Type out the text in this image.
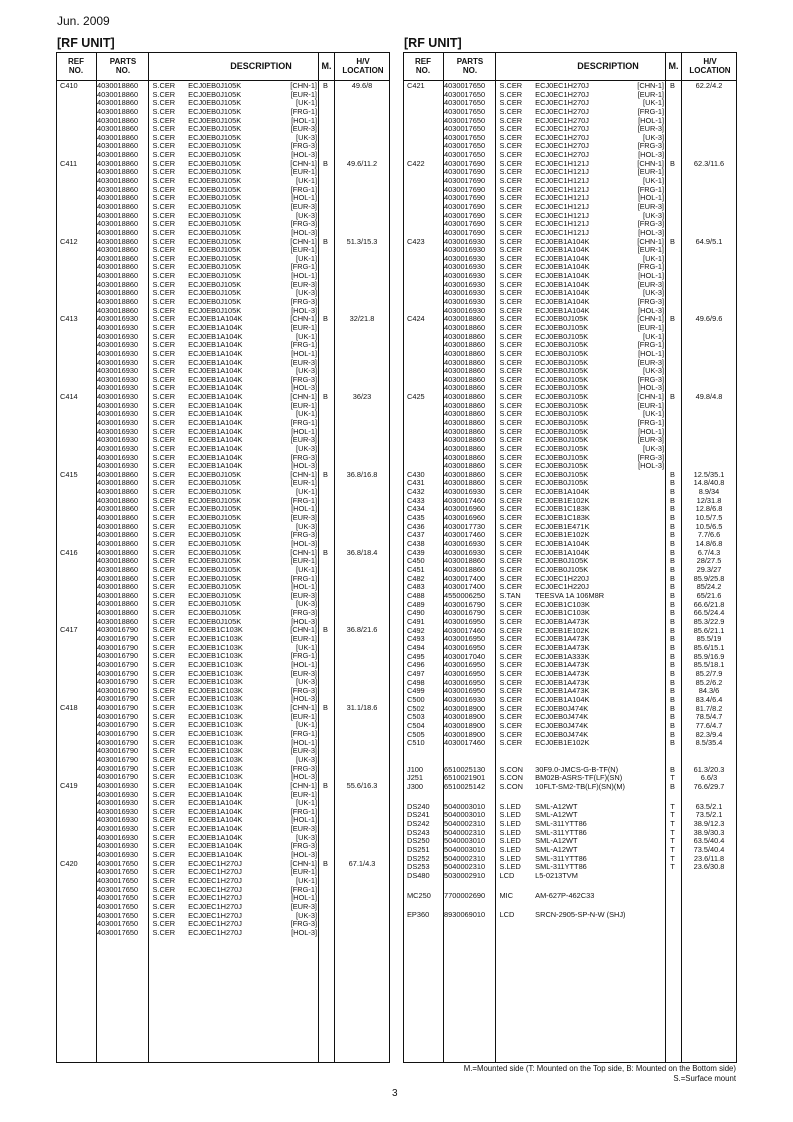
Jun. 2009
[RF UNIT]	[RF UNIT]
REF
NO.
PARTS
NO.	DESCRIPTION	M.	H/V
LOCATION
C410	4030018860	S.CER	ECJ0EB0J105K	[CHN-1]
4030018860	S.CER	ECJ0EB0J105K	[EUR-1]
4030018860	S.CER	ECJ0EB0J105K	[UK-1]
4030018860	S.CER	ECJ0EB0J105K	[FRG-1]
4030018860	S.CER	ECJ0EB0J105K	[HOL-1]
4030018860	S.CER	ECJ0EB0J105K	[EUR-3]
4030018860	S.CER	ECJ0EB0J105K	[UK-3]
4030018860	S.CER	ECJ0EB0J105K	[FRG-3]
4030018860	S.CER	ECJ0EB0J105K	[HOL-3]
B	49.6/8
C411	4030018860	S.CER	ECJ0EB0J105K	[CHN-1]
4030018860	S.CER	ECJ0EB0J105K	[EUR-1]
4030018860	S.CER	ECJ0EB0J105K	[UK-1]
4030018860	S.CER	ECJ0EB0J105K	[FRG-1]
4030018860	S.CER	ECJ0EB0J105K	[HOL-1]
4030018860	S.CER	ECJ0EB0J105K	[EUR-3]
4030018860	S.CER	ECJ0EB0J105K	[UK-3]
4030018860	S.CER	ECJ0EB0J105K	[FRG-3]
4030018860	S.CER	ECJ0EB0J105K	[HOL-3]
B	49.6/11.2
C412	4030018860	S.CER	ECJ0EB0J105K	[CHN-1]
4030018860	S.CER	ECJ0EB0J105K	[EUR-1]
4030018860	S.CER	ECJ0EB0J105K	[UK-1]
4030018860	S.CER	ECJ0EB0J105K	[FRG-1]
4030018860	S.CER	ECJ0EB0J105K	[HOL-1]
4030018860	S.CER	ECJ0EB0J105K	[EUR-3]
4030018860	S.CER	ECJ0EB0J105K	[UK-3]
4030018860	S.CER	ECJ0EB0J105K	[FRG-3]
4030018860	S.CER	ECJ0EB0J105K	[HOL-3]
B	51.3/15.3
C413	4030016930	S.CER	ECJ0EB1A104K	[CHN-1]
4030016930	S.CER	ECJ0EB1A104K	[EUR-1]
4030016930	S.CER	ECJ0EB1A104K	[UK-1]
4030016930	S.CER	ECJ0EB1A104K	[FRG-1]
4030016930	S.CER	ECJ0EB1A104K	[HOL-1]
4030016930	S.CER	ECJ0EB1A104K	[EUR-3]
4030016930	S.CER	ECJ0EB1A104K	[UK-3]
4030016930	S.CER	ECJ0EB1A104K	[FRG-3]
4030016930	S.CER	ECJ0EB1A104K	[HOL-3]
B	32/21.8
C414	4030016930	S.CER	ECJ0EB1A104K	[CHN-1]
4030016930	S.CER	ECJ0EB1A104K	[EUR-1]
4030016930	S.CER	ECJ0EB1A104K	[UK-1]
4030016930	S.CER	ECJ0EB1A104K	[FRG-1]
4030016930	S.CER	ECJ0EB1A104K	[HOL-1]
4030016930	S.CER	ECJ0EB1A104K	[EUR-3]
4030016930	S.CER	ECJ0EB1A104K	[UK-3]
4030016930	S.CER	ECJ0EB1A104K	[FRG-3]
4030016930	S.CER	ECJ0EB1A104K	[HOL-3]
B	36/23
C415	4030018860	S.CER	ECJ0EB0J105K	[CHN-1]
4030018860	S.CER	ECJ0EB0J105K	[EUR-1]
4030018860	S.CER	ECJ0EB0J105K	[UK-1]
4030018860	S.CER	ECJ0EB0J105K	[FRG-1]
4030018860	S.CER	ECJ0EB0J105K	[HOL-1]
4030018860	S.CER	ECJ0EB0J105K	[EUR-3]
4030018860	S.CER	ECJ0EB0J105K	[UK-3]
4030018860	S.CER	ECJ0EB0J105K	[FRG-3]
4030018860	S.CER	ECJ0EB0J105K	[HOL-3]
B	36.8/16.8
C416	4030018860	S.CER	ECJ0EB0J105K	[CHN-1]
4030018860	S.CER	ECJ0EB0J105K	[EUR-1]
4030018860	S.CER	ECJ0EB0J105K	[UK-1]
4030018860	S.CER	ECJ0EB0J105K	[FRG-1]
4030018860	S.CER	ECJ0EB0J105K	[HOL-1]
4030018860	S.CER	ECJ0EB0J105K	[EUR-3]
4030018860	S.CER	ECJ0EB0J105K	[UK-3]
4030018860	S.CER	ECJ0EB0J105K	[FRG-3]
4030018860	S.CER	ECJ0EB0J105K	[HOL-3]
B	36.8/18.4
C417	4030016790	S.CER	ECJ0EB1C103K	[CHN-1]
4030016790	S.CER	ECJ0EB1C103K	[EUR-1]
4030016790	S.CER	ECJ0EB1C103K	[UK-1]
4030016790	S.CER	ECJ0EB1C103K	[FRG-1]
4030016790	S.CER	ECJ0EB1C103K	[HOL-1]
4030016790	S.CER	ECJ0EB1C103K	[EUR-3]
4030016790	S.CER	ECJ0EB1C103K	[UK-3]
4030016790	S.CER	ECJ0EB1C103K	[FRG-3]
4030016790	S.CER	ECJ0EB1C103K	[HOL-3]
B	36.8/21.6
C418	4030016790	S.CER	ECJ0EB1C103K	[CHN-1]
4030016790	S.CER	ECJ0EB1C103K	[EUR-1]
4030016790	S.CER	ECJ0EB1C103K	[UK-1]
4030016790	S.CER	ECJ0EB1C103K	[FRG-1]
4030016790	S.CER	ECJ0EB1C103K	[HOL-1]
4030016790	S.CER	ECJ0EB1C103K	[EUR-3]
4030016790	S.CER	ECJ0EB1C103K	[UK-3]
4030016790	S.CER	ECJ0EB1C103K	[FRG-3]
4030016790	S.CER	ECJ0EB1C103K	[HOL-3]
B	31.1/18.6
C419	4030016930	S.CER	ECJ0EB1A104K	[CHN-1]
4030016930	S.CER	ECJ0EB1A104K	[EUR-1]
4030016930	S.CER	ECJ0EB1A104K	[UK-1]
4030016930	S.CER	ECJ0EB1A104K	[FRG-1]
4030016930	S.CER	ECJ0EB1A104K	[HOL-1]
4030016930	S.CER	ECJ0EB1A104K	[EUR-3]
4030016930	S.CER	ECJ0EB1A104K	[UK-3]
4030016930	S.CER	ECJ0EB1A104K	[FRG-3]
4030016930	S.CER	ECJ0EB1A104K	[HOL-3]
B	55.6/16.3
C420	4030017650	S.CER	ECJ0EC1H270J	[CHN-1]
4030017650	S.CER	ECJ0EC1H270J	[EUR-1]
4030017650	S.CER	ECJ0EC1H270J	[UK-1]
4030017650	S.CER	ECJ0EC1H270J	[FRG-1]
4030017650	S.CER	ECJ0EC1H270J	[HOL-1]
4030017650	S.CER	ECJ0EC1H270J	[EUR-3]
4030017650	S.CER	ECJ0EC1H270J	[UK-3]
4030017650	S.CER	ECJ0EC1H270J	[FRG-3]
4030017650	S.CER	ECJ0EC1H270J	[HOL-3]
B	67.1/4.3
REF
NO.
PARTS
NO.	DESCRIPTION	M.	H/V
LOCATION
C421	4030017650	S.CER	ECJ0EC1H270J	[CHN-1]
4030017650	S.CER	ECJ0EC1H270J	[EUR-1]
4030017650	S.CER	ECJ0EC1H270J	[UK-1]
4030017650	S.CER	ECJ0EC1H270J	[FRG-1]
4030017650	S.CER	ECJ0EC1H270J	[HOL-1]
4030017650	S.CER	ECJ0EC1H270J	[EUR-3]
4030017650	S.CER	ECJ0EC1H270J	[UK-3]
4030017650	S.CER	ECJ0EC1H270J	[FRG-3]
4030017650	S.CER	ECJ0EC1H270J	[HOL-3]
B	62.2/4.2
C422	4030017690	S.CER	ECJ0EC1H121J	[CHN-1]
4030017690	S.CER	ECJ0EC1H121J	[EUR-1]
4030017690	S.CER	ECJ0EC1H121J	[UK-1]
4030017690	S.CER	ECJ0EC1H121J	[FRG-1]
4030017690	S.CER	ECJ0EC1H121J	[HOL-1]
4030017690	S.CER	ECJ0EC1H121J	[EUR-3]
4030017690	S.CER	ECJ0EC1H121J	[UK-3]
4030017690	S.CER	ECJ0EC1H121J	[FRG-3]
4030017690	S.CER	ECJ0EC1H121J	[HOL-3]
B	62.3/11.6
C423	4030016930	S.CER	ECJ0EB1A104K	[CHN-1]
4030016930	S.CER	ECJ0EB1A104K	[EUR-1]
4030016930	S.CER	ECJ0EB1A104K	[UK-1]
4030016930	S.CER	ECJ0EB1A104K	[FRG-1]
4030016930	S.CER	ECJ0EB1A104K	[HOL-1]
4030016930	S.CER	ECJ0EB1A104K	[EUR-3]
4030016930	S.CER	ECJ0EB1A104K	[UK-3]
4030016930	S.CER	ECJ0EB1A104K	[FRG-3]
4030016930	S.CER	ECJ0EB1A104K	[HOL-3]
B	64.9/5.1
C424	4030018860	S.CER	ECJ0EB0J105K	[CHN-1]
4030018860	S.CER	ECJ0EB0J105K	[EUR-1]
4030018860	S.CER	ECJ0EB0J105K	[UK-1]
4030018860	S.CER	ECJ0EB0J105K	[FRG-1]
4030018860	S.CER	ECJ0EB0J105K	[HOL-1]
4030018860	S.CER	ECJ0EB0J105K	[EUR-3]
4030018860	S.CER	ECJ0EB0J105K	[UK-3]
4030018860	S.CER	ECJ0EB0J105K	[FRG-3]
4030018860	S.CER	ECJ0EB0J105K	[HOL-3]
B	49.6/9.6
C425	4030018860	S.CER	ECJ0EB0J105K	[CHN-1]
4030018860	S.CER	ECJ0EB0J105K	[EUR-1]
4030018860	S.CER	ECJ0EB0J105K	[UK-1]
4030018860	S.CER	ECJ0EB0J105K	[FRG-1]
4030018860	S.CER	ECJ0EB0J105K	[HOL-1]
4030018860	S.CER	ECJ0EB0J105K	[EUR-3]
4030018860	S.CER	ECJ0EB0J105K	[UK-3]
4030018860	S.CER	ECJ0EB0J105K	[FRG-3]
4030018860	S.CER	ECJ0EB0J105K	[HOL-3]
B	49.8/4.8
C430	4030018860	S.CER	ECJ0EB0J105K	B	12.5/35.1
C431	4030018860	S.CER	ECJ0EB0J105K	B	14.8/40.8
C432	4030016930	S.CER	ECJ0EB1A104K	B	8.9/34
C433	4030017460	S.CER	ECJ0EB1E102K	B	12/31.8
C434	4030016960	S.CER	ECJ0EB1C183K	B	12.8/6.8
C435	4030016960	S.CER	ECJ0EB1C183K	B	10.5/7.5
C436	4030017730	S.CER	ECJ0EB1E471K	B	10.5/6.5
C437	4030017460	S.CER	ECJ0EB1E102K	B	7.7/6.6
C438	4030016930	S.CER	ECJ0EB1A104K	B	14.8/6.8
C439	4030016930	S.CER	ECJ0EB1A104K	B	6.7/4.3
C450	4030018860	S.CER	ECJ0EB0J105K	B	28/27.5
C451	4030018860	S.CER	ECJ0EB0J105K	B	29.3/27
C482	4030017400	S.CER	ECJ0EC1H220J	B	85.9/25.8
C483	4030017400	S.CER	ECJ0EC1H220J	B	85/24.2
C488	4550006250	S.TAN	TEESVA 1A 106M8R	B	65/21.6
C489	4030016790	S.CER	ECJ0EB1C103K	B	66.6/21.8
C490	4030016790	S.CER	ECJ0EB1C103K	B	66.5/24.4
C491	4030016950	S.CER	ECJ0EB1A473K	B	85.3/22.9
C492	4030017460	S.CER	ECJ0EB1E102K	B	85.6/21.1
C493	4030016950	S.CER	ECJ0EB1A473K	B	85.5/19
C494	4030016950	S.CER	ECJ0EB1A473K	B	85.6/15.1
C495	4030017040	S.CER	ECJ0EB1A333K	B	85.9/16.9
C496	4030016950	S.CER	ECJ0EB1A473K	B	85.5/18.1
C497	4030016950	S.CER	ECJ0EB1A473K	B	85.2/7.9
C498	4030016950	S.CER	ECJ0EB1A473K	B	85.2/6.2
C499	4030016950	S.CER	ECJ0EB1A473K	B	84.3/6
C500	4030016930	S.CER	ECJ0EB1A104K	B	83.4/6.4
C502	4030018900	S.CER	ECJ0EB0J474K	B	81.7/8.2
C503	4030018900	S.CER	ECJ0EB0J474K	B	78.5/4.7
C504	4030018900	S.CER	ECJ0EB0J474K	B	77.6/4.7
C505	4030018900	S.CER	ECJ0EB0J474K	B	82.3/9.4
C510	4030017460	S.CER	ECJ0EB1E102K	B	8.5/35.4
J100	6510025130	S.CON	30F9.0-JMCS-G-B-TF(N)	B	61.3/20.3
J251	6510021901	S.CON	BM02B-ASRS-TF(LF)(SN)	T	6.6/3
J300	6510025142	S.CON	10FLT-SM2-TB(LF)(SN)(M)	B	76.6/29.7
DS240	5040003010	S.LED	SML-A12WT	T	63.5/2.1
DS241	5040003010	S.LED	SML-A12WT	T	73.5/2.1
DS242	5040002310	S.LED	SML-311YTT86	T	38.9/12.3
DS243	5040002310	S.LED	SML-311YTT86	T	38.9/30.3
DS250	5040003010	S.LED	SML-A12WT	T	63.5/40.4
DS251	5040003010	S.LED	SML-A12WT	T	73.5/40.4
DS252	5040002310	S.LED	SML-311YTT86	T	23.6/11.8
DS253	5040002310	S.LED	SML-311YTT86	T	23.6/30.8
DS480	5030002910	LCD	L5-0213TVM
MC250	7700002690	MIC	AM-627P-462C33
EP360	8930069010	LCD	SRCN-2905-SP-N-W (SHJ)
M.=Mounted side (T: Mounted on the Top side, B: Mounted on the Bottom side)
S.=Surface mount
3
